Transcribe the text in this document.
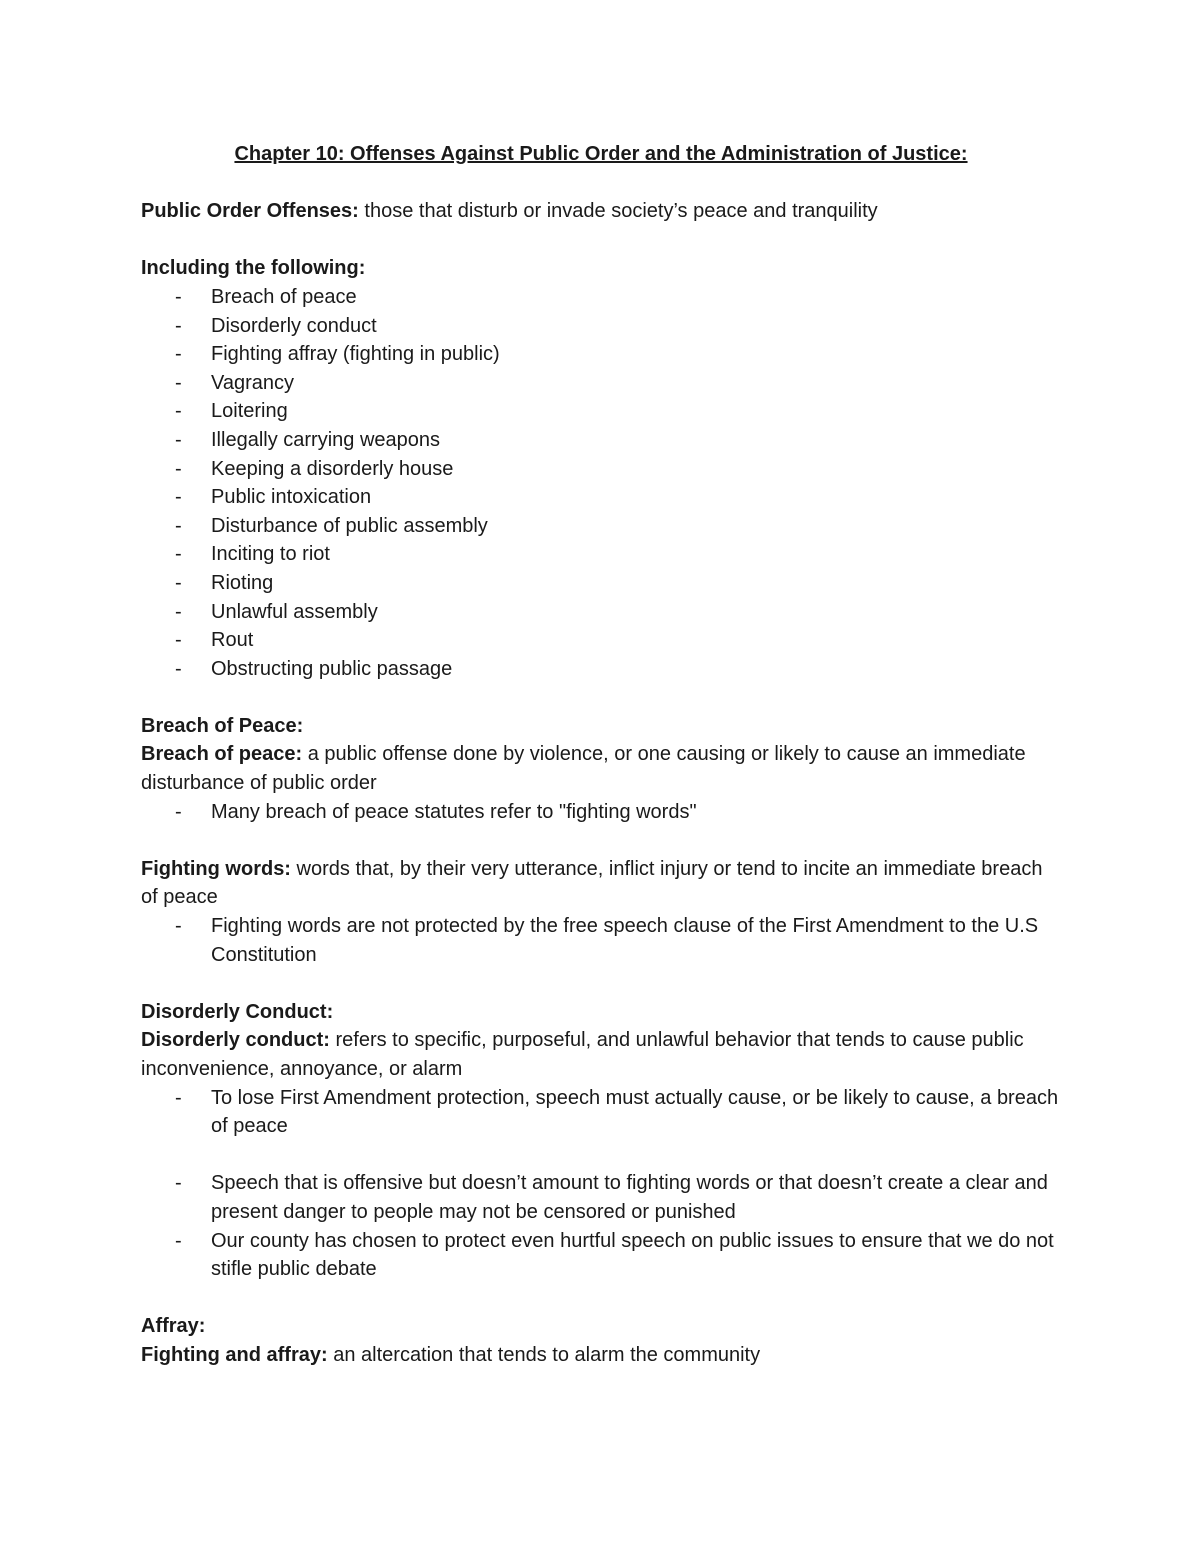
Chapter 10: Offenses Against Public Order and the Administration of Justice:

Public Order Offenses: those that disturb or invade society’s peace and tranquility

Including the following:

- Breach of peace
- Disorderly conduct
- Fighting affray (fighting in public)
- Vagrancy
- Loitering
- Illegally carrying weapons
- Keeping a disorderly house
- Public intoxication
- Disturbance of public assembly
- Inciting to riot
- Rioting
- Unlawful assembly
- Rout
- Obstructing public passage

Breach of Peace:

Breach of peace: a public offense done by violence, or one causing or likely to cause an immediate disturbance of public order

- Many breach of peace statutes refer to "fighting words"

Fighting words: words that, by their very utterance, inflict injury or tend to incite an immediate breach of peace

- Fighting words are not protected by the free speech clause of the First Amendment to the U.S Constitution

Disorderly Conduct:

Disorderly conduct: refers to specific, purposeful, and unlawful behavior that tends to cause public inconvenience, annoyance, or alarm

- To lose First Amendment protection, speech must actually cause, or be likely to cause, a breach of peace
- Speech that is offensive but doesn’t amount to fighting words or that doesn’t create a clear and present danger to people may not be censored or punished
- Our county has chosen to protect even hurtful speech on public issues to ensure that we do not stifle public debate

Affray:

Fighting and affray: an altercation that tends to alarm the community
